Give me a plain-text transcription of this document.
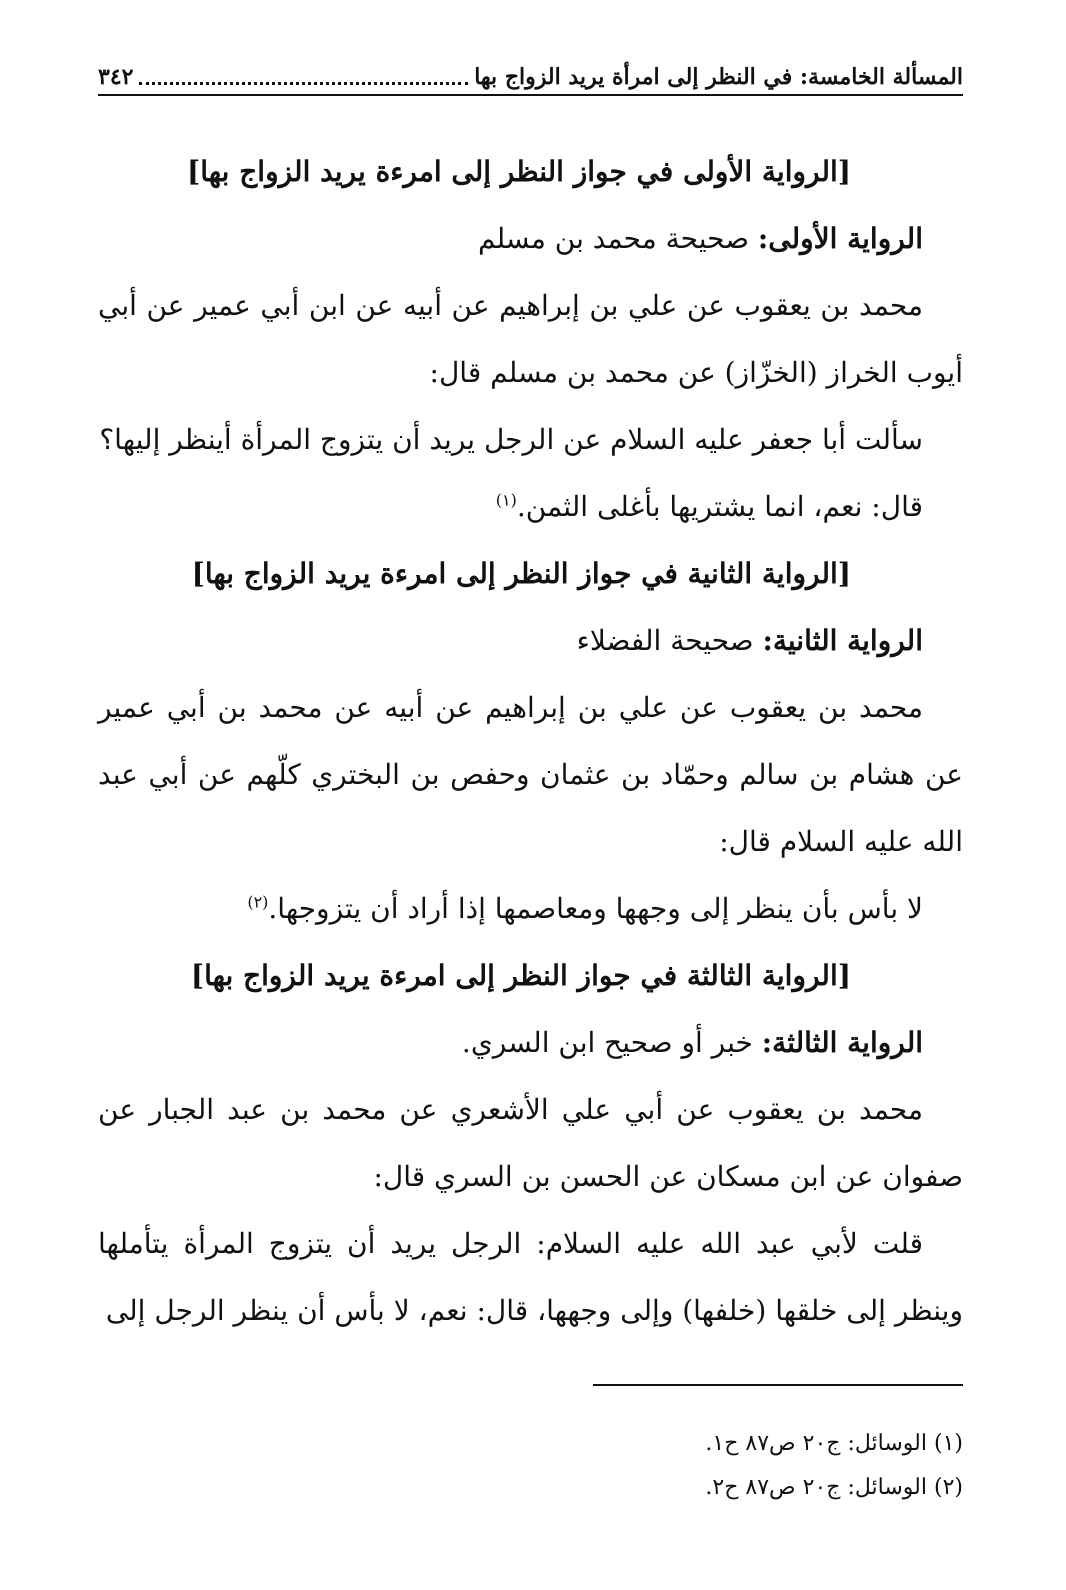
المسألة الخامسة: في النظر إلى امرأة يريد الزواج بها
٣٤٢

[الرواية الأولى في جواز النظر إلى امرءة يريد الزواج بها]

الرواية الأولى: صحيحة محمد بن مسلم

محمد بن يعقوب عن علي بن إبراهيم عن أبيه عن ابن أبي عمير عن أبي أيوب الخراز (الخزّاز) عن محمد بن مسلم قال:

سألت أبا جعفر عليه السلام عن الرجل يريد أن يتزوج المرأة أينظر إليها؟

قال: نعم، انما يشتريها بأغلى الثمن.$^{(١)}$

[الرواية الثانية في جواز النظر إلى امرءة يريد الزواج بها]

الرواية الثانية: صحيحة الفضلاء

محمد بن يعقوب عن علي بن إبراهيم عن أبيه عن محمد بن أبي عمير عن هشام بن سالم وحمّاد بن عثمان وحفص بن البختري كلّهم عن أبي عبد الله عليه السلام قال:

لا بأس بأن ينظر إلى وجهها ومعاصمها إذا أراد أن يتزوجها.$^{(٢)}$

[الرواية الثالثة في جواز النظر إلى امرءة يريد الزواج بها]

الرواية الثالثة: خبر أو صحيح ابن السري.

محمد بن يعقوب عن أبي علي الأشعري عن محمد بن عبد الجبار عن صفوان عن ابن مسكان عن الحسن بن السري قال:

قلت لأبي عبد الله عليه السلام: الرجل يريد أن يتزوج المرأة يتأملها وينظر إلى خلقها (خلفها) وإلى وجهها، قال: نعم، لا بأس أن ينظر الرجل إلى

(١) الوسائل: ج٢٠ ص٨٧ ح١.

(٢) الوسائل: ج٢٠ ص٨٧ ح٢.
